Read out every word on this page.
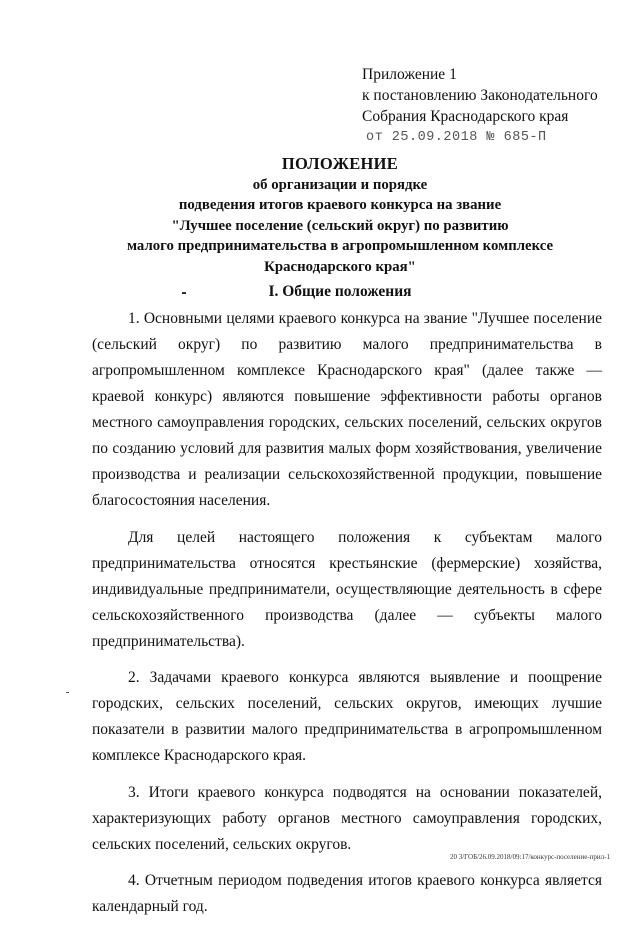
Приложение 1
к постановлению Законодательного
Собрания Краснодарского края
от 25.09.2018 № 685-П
ПОЛОЖЕНИЕ
об организации и порядке
подведения итогов краевого конкурса на звание
"Лучшее поселение (сельский округ) по развитию
малого предпринимательства в агропромышленном комплексе
Краснодарского края"
I. Общие положения

1. Основными целями краевого конкурса на звание "Лучшее поселение (сельский округ) по развитию малого предпринимательства в агропромышленном комплексе Краснодарского края" (далее также — краевой конкурс) являются повышение эффективности работы органов местного самоуправления городских, сельских поселений, сельских округов по созданию условий для развития малых форм хозяйствования, увеличение производства и реализации сельскохозяйственной продукции, повышение благосостояния населения.

Для целей настоящего положения к субъектам малого предпринимательства относятся крестьянские (фермерские) хозяйства, индивидуальные предприниматели, осуществляющие деятельность в сфере сельскохозяйственного производства (далее — субъекты малого предпринимательства).

2. Задачами краевого конкурса являются выявление и поощрение городских, сельских поселений, сельских округов, имеющих лучшие показатели в развитии малого предпринимательства в агропромышленном комплексе Краснодарского края.

3. Итоги краевого конкурса подводятся на основании показателей, характеризующих работу органов местного самоуправления городских, сельских поселений, сельских округов.

4. Отчетным периодом подведения итогов краевого конкурса является календарный год.

20 3/ГОБ/26.09.2018/09:17/конкурс-поселение-прил-1
